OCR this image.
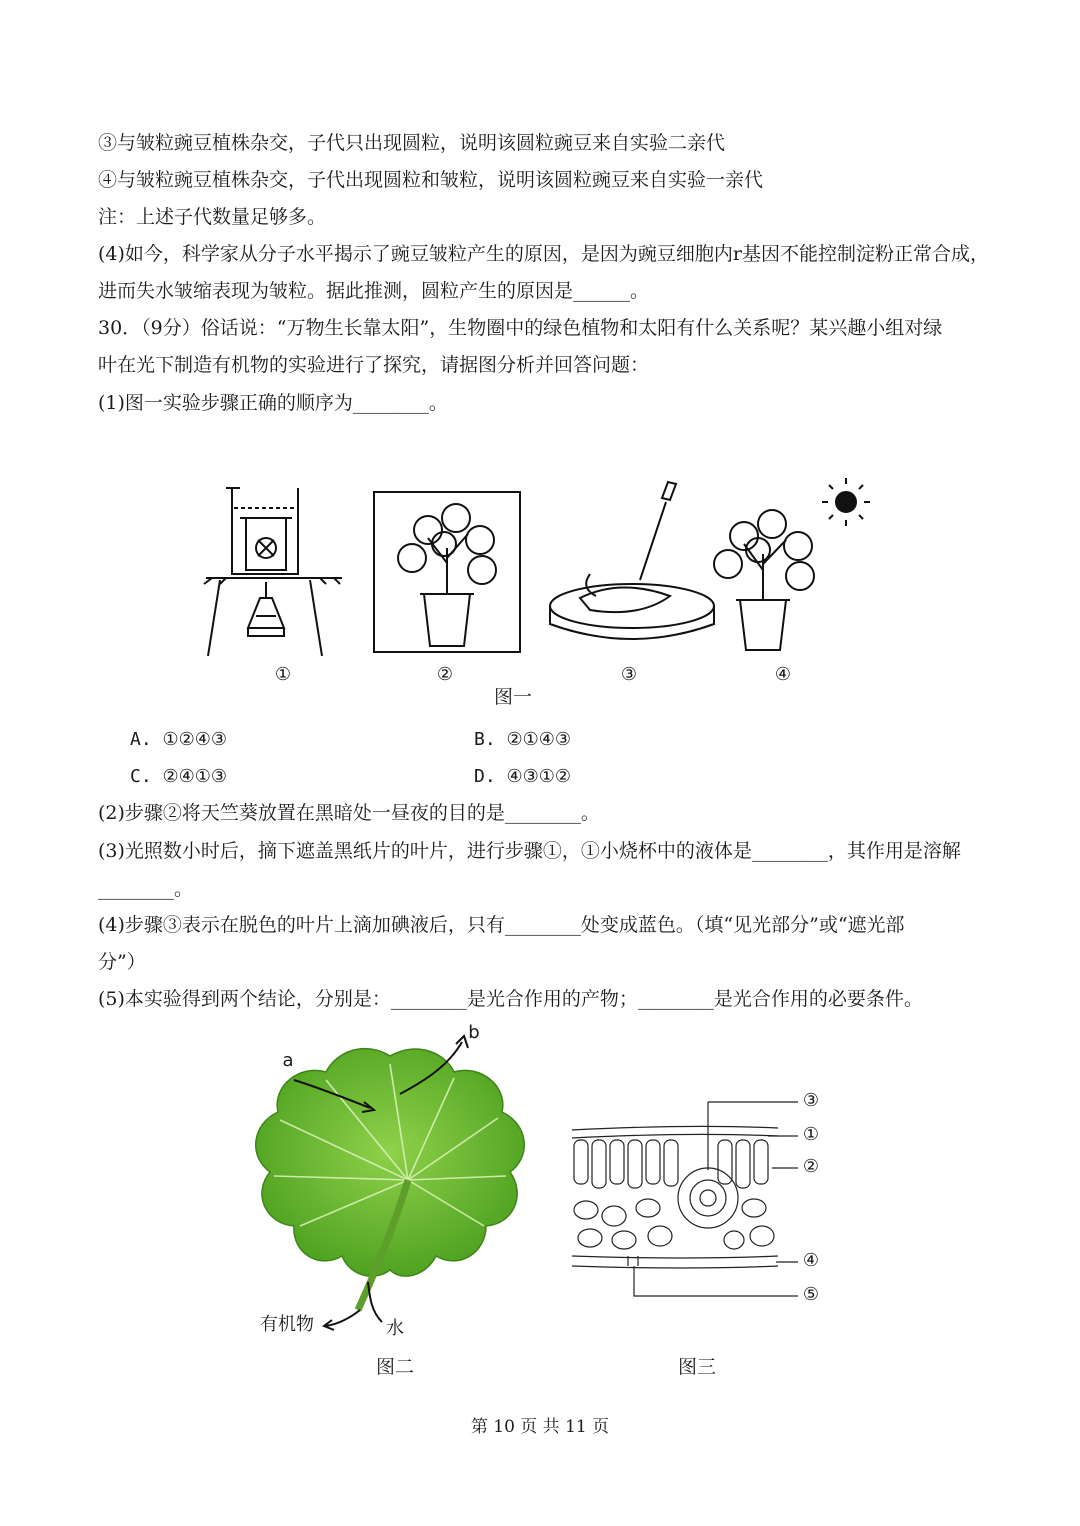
③与皱粒豌豆植株杂交，子代只出现圆粒，说明该圆粒豌豆来自实验二亲代
④与皱粒豌豆植株杂交，子代出现圆粒和皱粒，说明该圆粒豌豆来自实验一亲代
注：上述子代数量足够多。
(4)如今，科学家从分子水平揭示了豌豆皱粒产生的原因，是因为豌豆细胞内r基因不能控制淀粉正常合成，
进而失水皱缩表现为皱粒。据此推测，圆粒产生的原因是______。
30．（9分）俗话说：“万物生长靠太阳”，生物圈中的绿色植物和太阳有什么关系呢？某兴趣小组对绿
叶在光下制造有机物的实验进行了探究，请据图分析并回答问题：
(1)图一实验步骤正确的顺序为________。
①	②	③	④
图一
A. ①②④③	B. ②①④③
C. ②④①③	D. ④③①②
(2)步骤②将天竺葵放置在黑暗处一昼夜的目的是________。
(3)光照数小时后，摘下遮盖黑纸片的叶片，进行步骤①，①小烧杯中的液体是________，其作用是溶解
________。
(4)步骤③表示在脱色的叶片上滴加碘液后，只有________处变成蓝色。（填“见光部分”或“遮光部
分”）
(5)本实验得到两个结论，分别是：________是光合作用的产物；________是光合作用的必要条件。
a
b
有机物	水
图二
③
①
②
④
⑤
图三
第 10 页 共 11 页
